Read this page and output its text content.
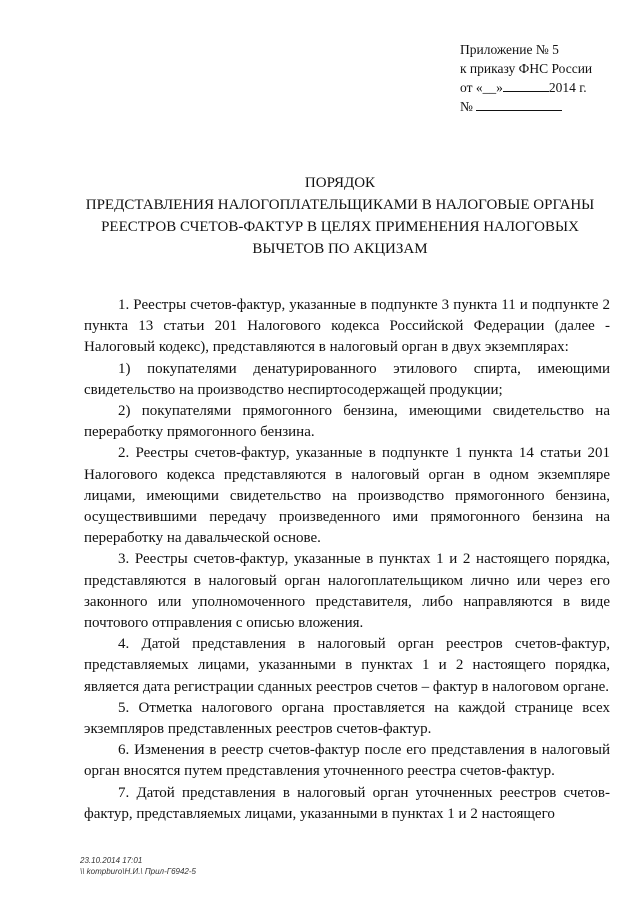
Приложение № 5
к приказу ФНС России
от «__»	2014 г.
№
ПОРЯДОК
ПРЕДСТАВЛЕНИЯ НАЛОГОПЛАТЕЛЬЩИКАМИ В НАЛОГОВЫЕ ОРГАНЫ
РЕЕСТРОВ СЧЕТОВ-ФАКТУР В ЦЕЛЯХ ПРИМЕНЕНИЯ НАЛОГОВЫХ
ВЫЧЕТОВ ПО АКЦИЗАМ

1. Реестры счетов-фактур, указанные в подпункте 3 пункта 11 и подпункте 2 пункта 13 статьи 201 Налогового кодекса Российской Федерации (далее - Налоговый кодекс), представляются в налоговый орган в двух экземплярах:

1) покупателями денатурированного этилового спирта, имеющими свидетельство на производство неспиртосодержащей продукции;

2) покупателями прямогонного бензина, имеющими свидетельство на переработку прямогонного бензина.

2. Реестры счетов-фактур, указанные в подпункте 1 пункта 14 статьи 201 Налогового кодекса представляются в налоговый орган в одном экземпляре лицами, имеющими свидетельство на производство прямогонного бензина, осуществившими передачу произведенного ими прямогонного бензина на переработку на давальческой основе.

3. Реестры счетов-фактур, указанные в пунктах 1 и 2 настоящего порядка, представляются в налоговый орган налогоплательщиком лично или через его законного или уполномоченного представителя, либо направляются в виде почтового отправления с описью вложения.

4. Датой представления в налоговый орган реестров счетов-фактур, представляемых лицами, указанными в пунктах 1 и 2 настоящего порядка, является дата регистрации сданных реестров счетов – фактур в налоговом органе.

5. Отметка налогового органа проставляется на каждой странице всех экземпляров представленных реестров счетов-фактур.

6. Изменения в реестр счетов-фактур после его представления в налоговый орган вносятся путем представления уточненного реестра счетов-фактур.

7. Датой представления в налоговый орган уточненных реестров счетов-фактур, представляемых лицами, указанными в пунктах 1 и 2 настоящего

23.10.2014 17:01
\\ kompburo\Н.И.\ Прил-Г6942-5
